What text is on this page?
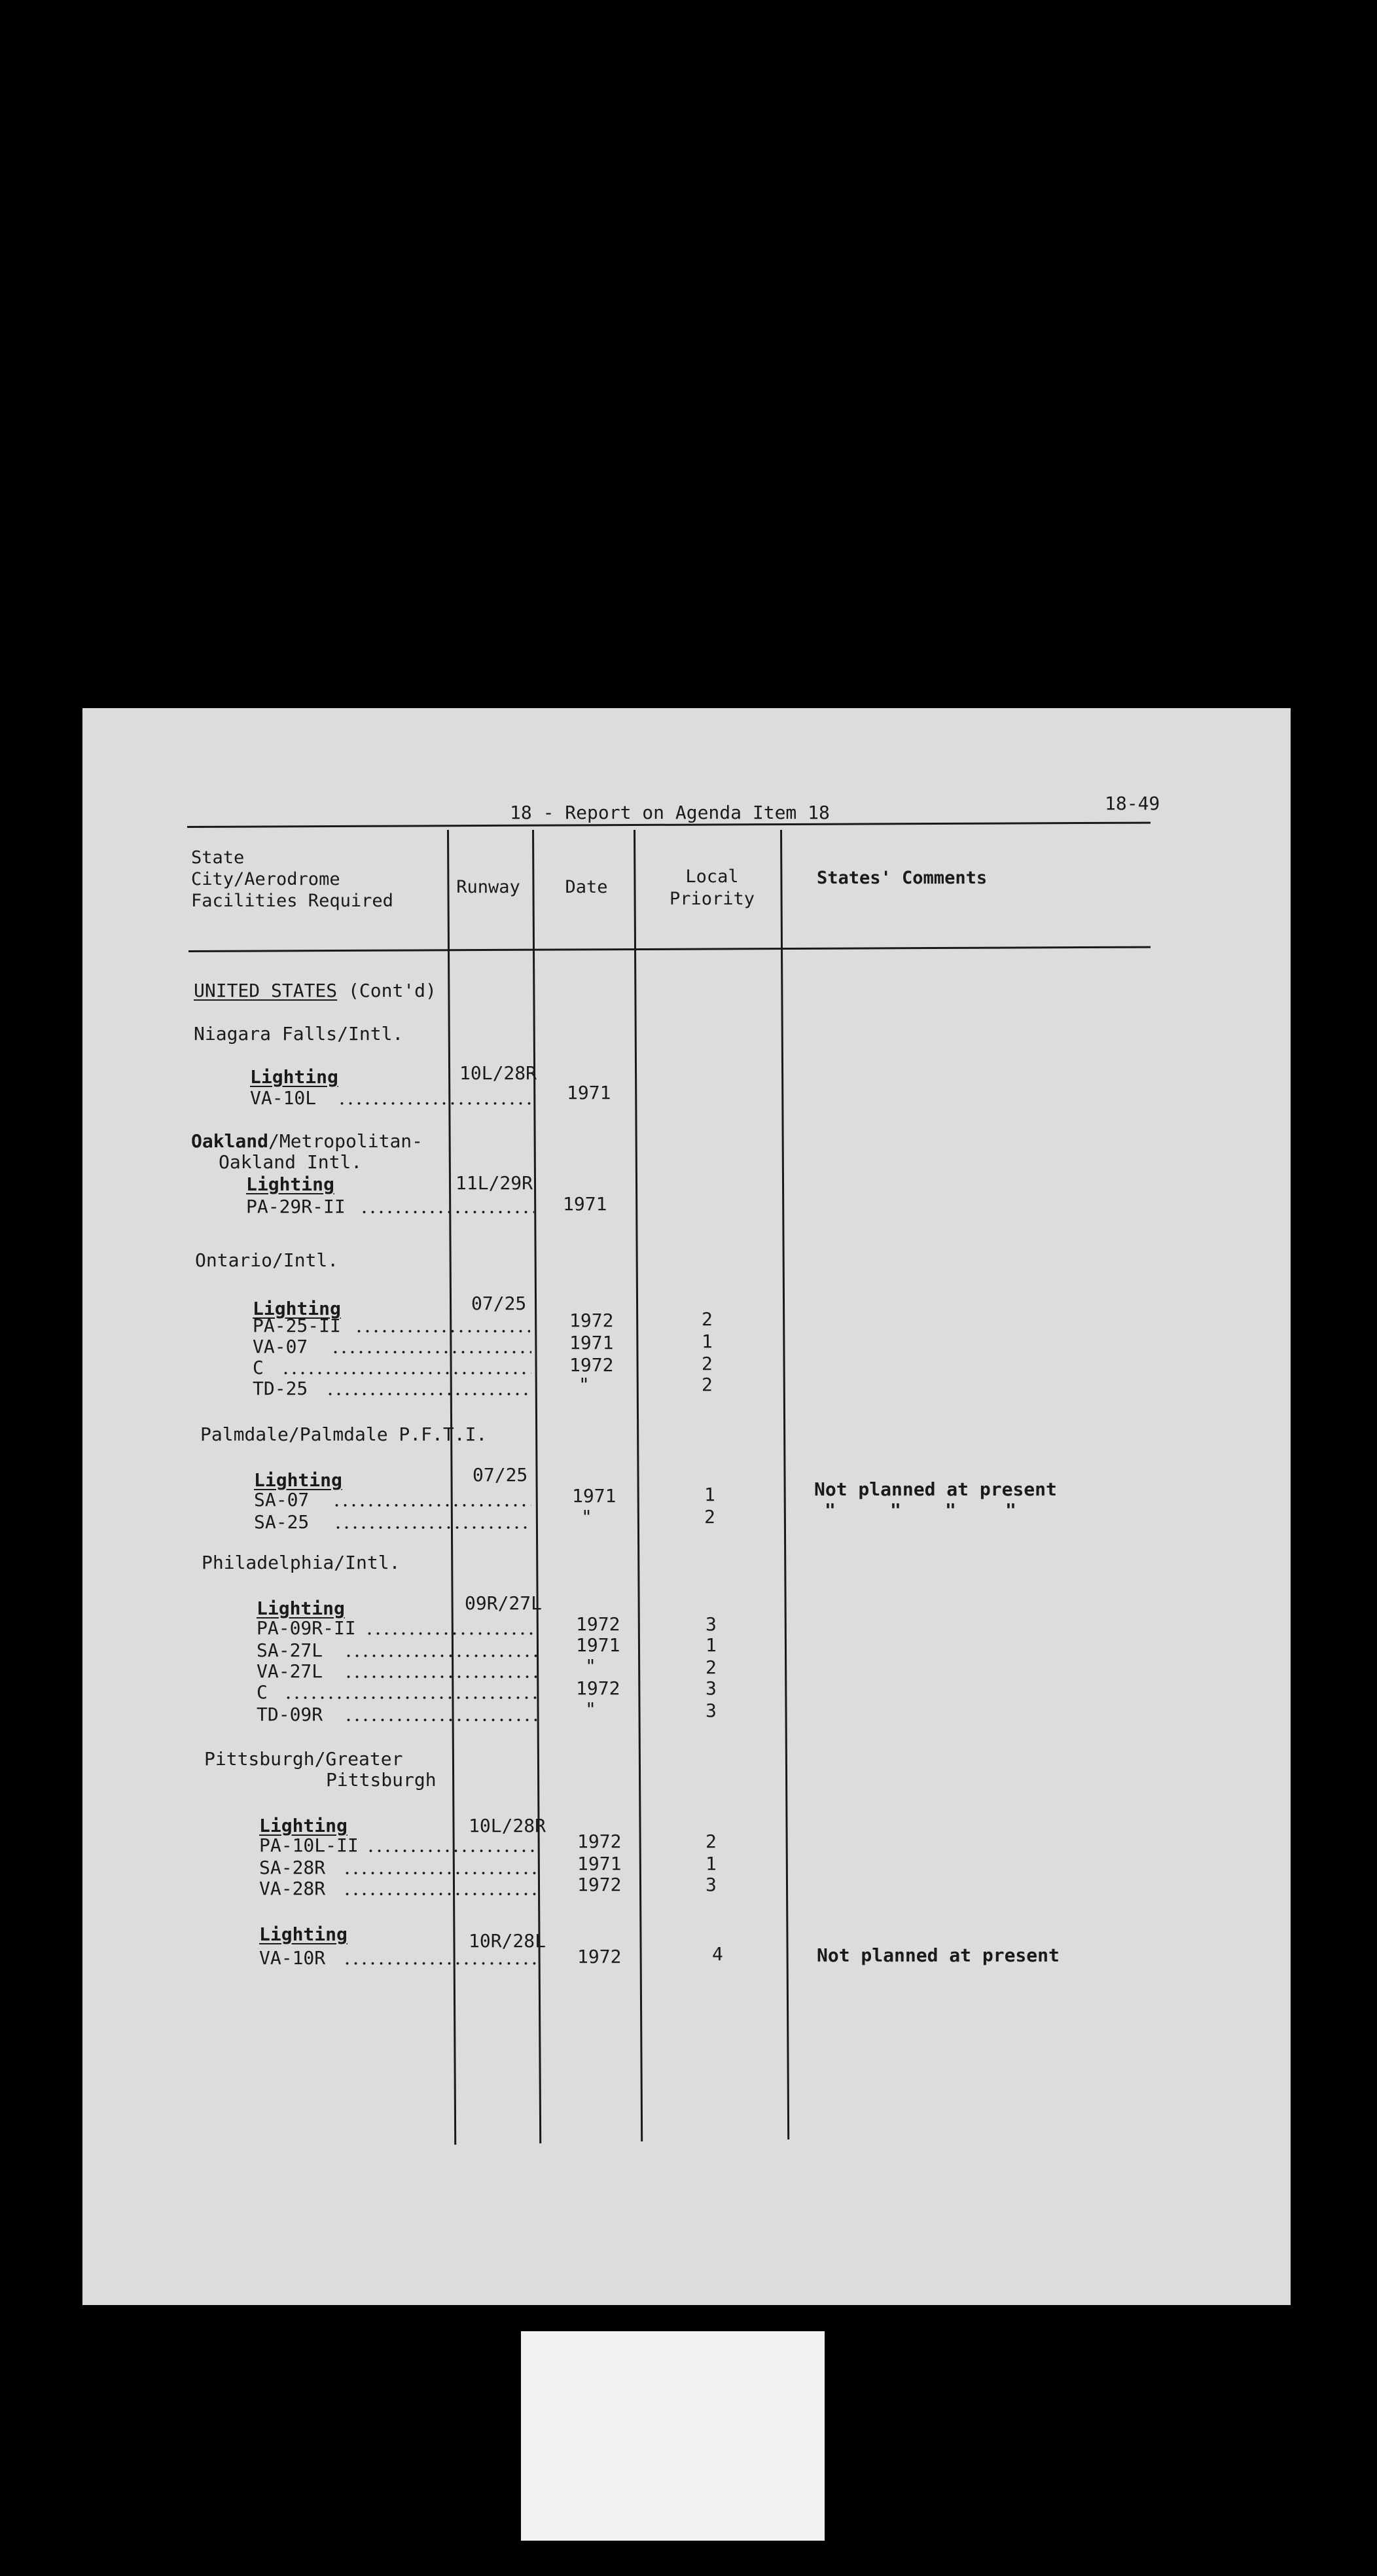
18 - Report on Agenda Item 18	18-49
State
City/Aerodrome
Facilities Required
Runway	Date
Local
Priority
States' Comments
UNITED STATES (Cont'd)
Niagara Falls/Intl.
Lighting	10L/28R
VA-10L	1971
Oakland/Metropolitan-
Oakland Intl.
Lighting	11L/29R
PA-29R-II	1971
Ontario/Intl.
07/25
Lighting
PA-25-II	1972	2
VA-07	1971	1
C	1972	2
TD-25	"	2
Palmdale/Palmdale P.F.T.I.
07/25
Lighting
SA-07	1971	1	Not planned at present
SA-25	"	2	"	" "	"
Philadelphia/Intl.
09R/27L
Lighting
PA-09R-II	1972	3
SA-27L	1971	1
VA-27L	"	2
C	1972	3
TD-09R	"	3
Pittsburgh/Greater
Pittsburgh
Lighting	10L/28R
PA-10L-II	1972	2
SA-28R	1971	1
VA-28R	1972	3
Lighting	10R/28L
VA-10R	1972	4	Not planned at present
